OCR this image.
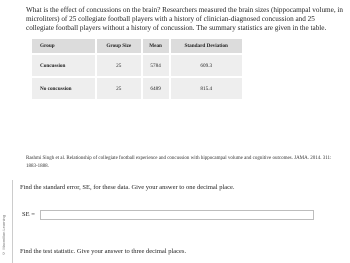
What is the effect of concussions on the brain? Researchers measured the brain sizes (hippocampal volume, in microliters) of 25 collegiate football players with a history of clinician-diagnosed concussion and 25 collegiate football players without a history of concussion. The summary statistics are given in the table.

Group	Group Size	Mean	Standard Deviation
Concussion	25	5784	609.3
No concussion	25	6489	815.4

Rashmi Singh et al. Relationship of collegiate football experience and concussion with hippocampal volume and cognitive outcomes. JAMA. 2014. 311: 1883-1888.

© Macmillan Learning

Find the standard error, SE, for these data. Give your answer to one decimal place.

SE =

Find the test statistic. Give your answer to three decimal places.
